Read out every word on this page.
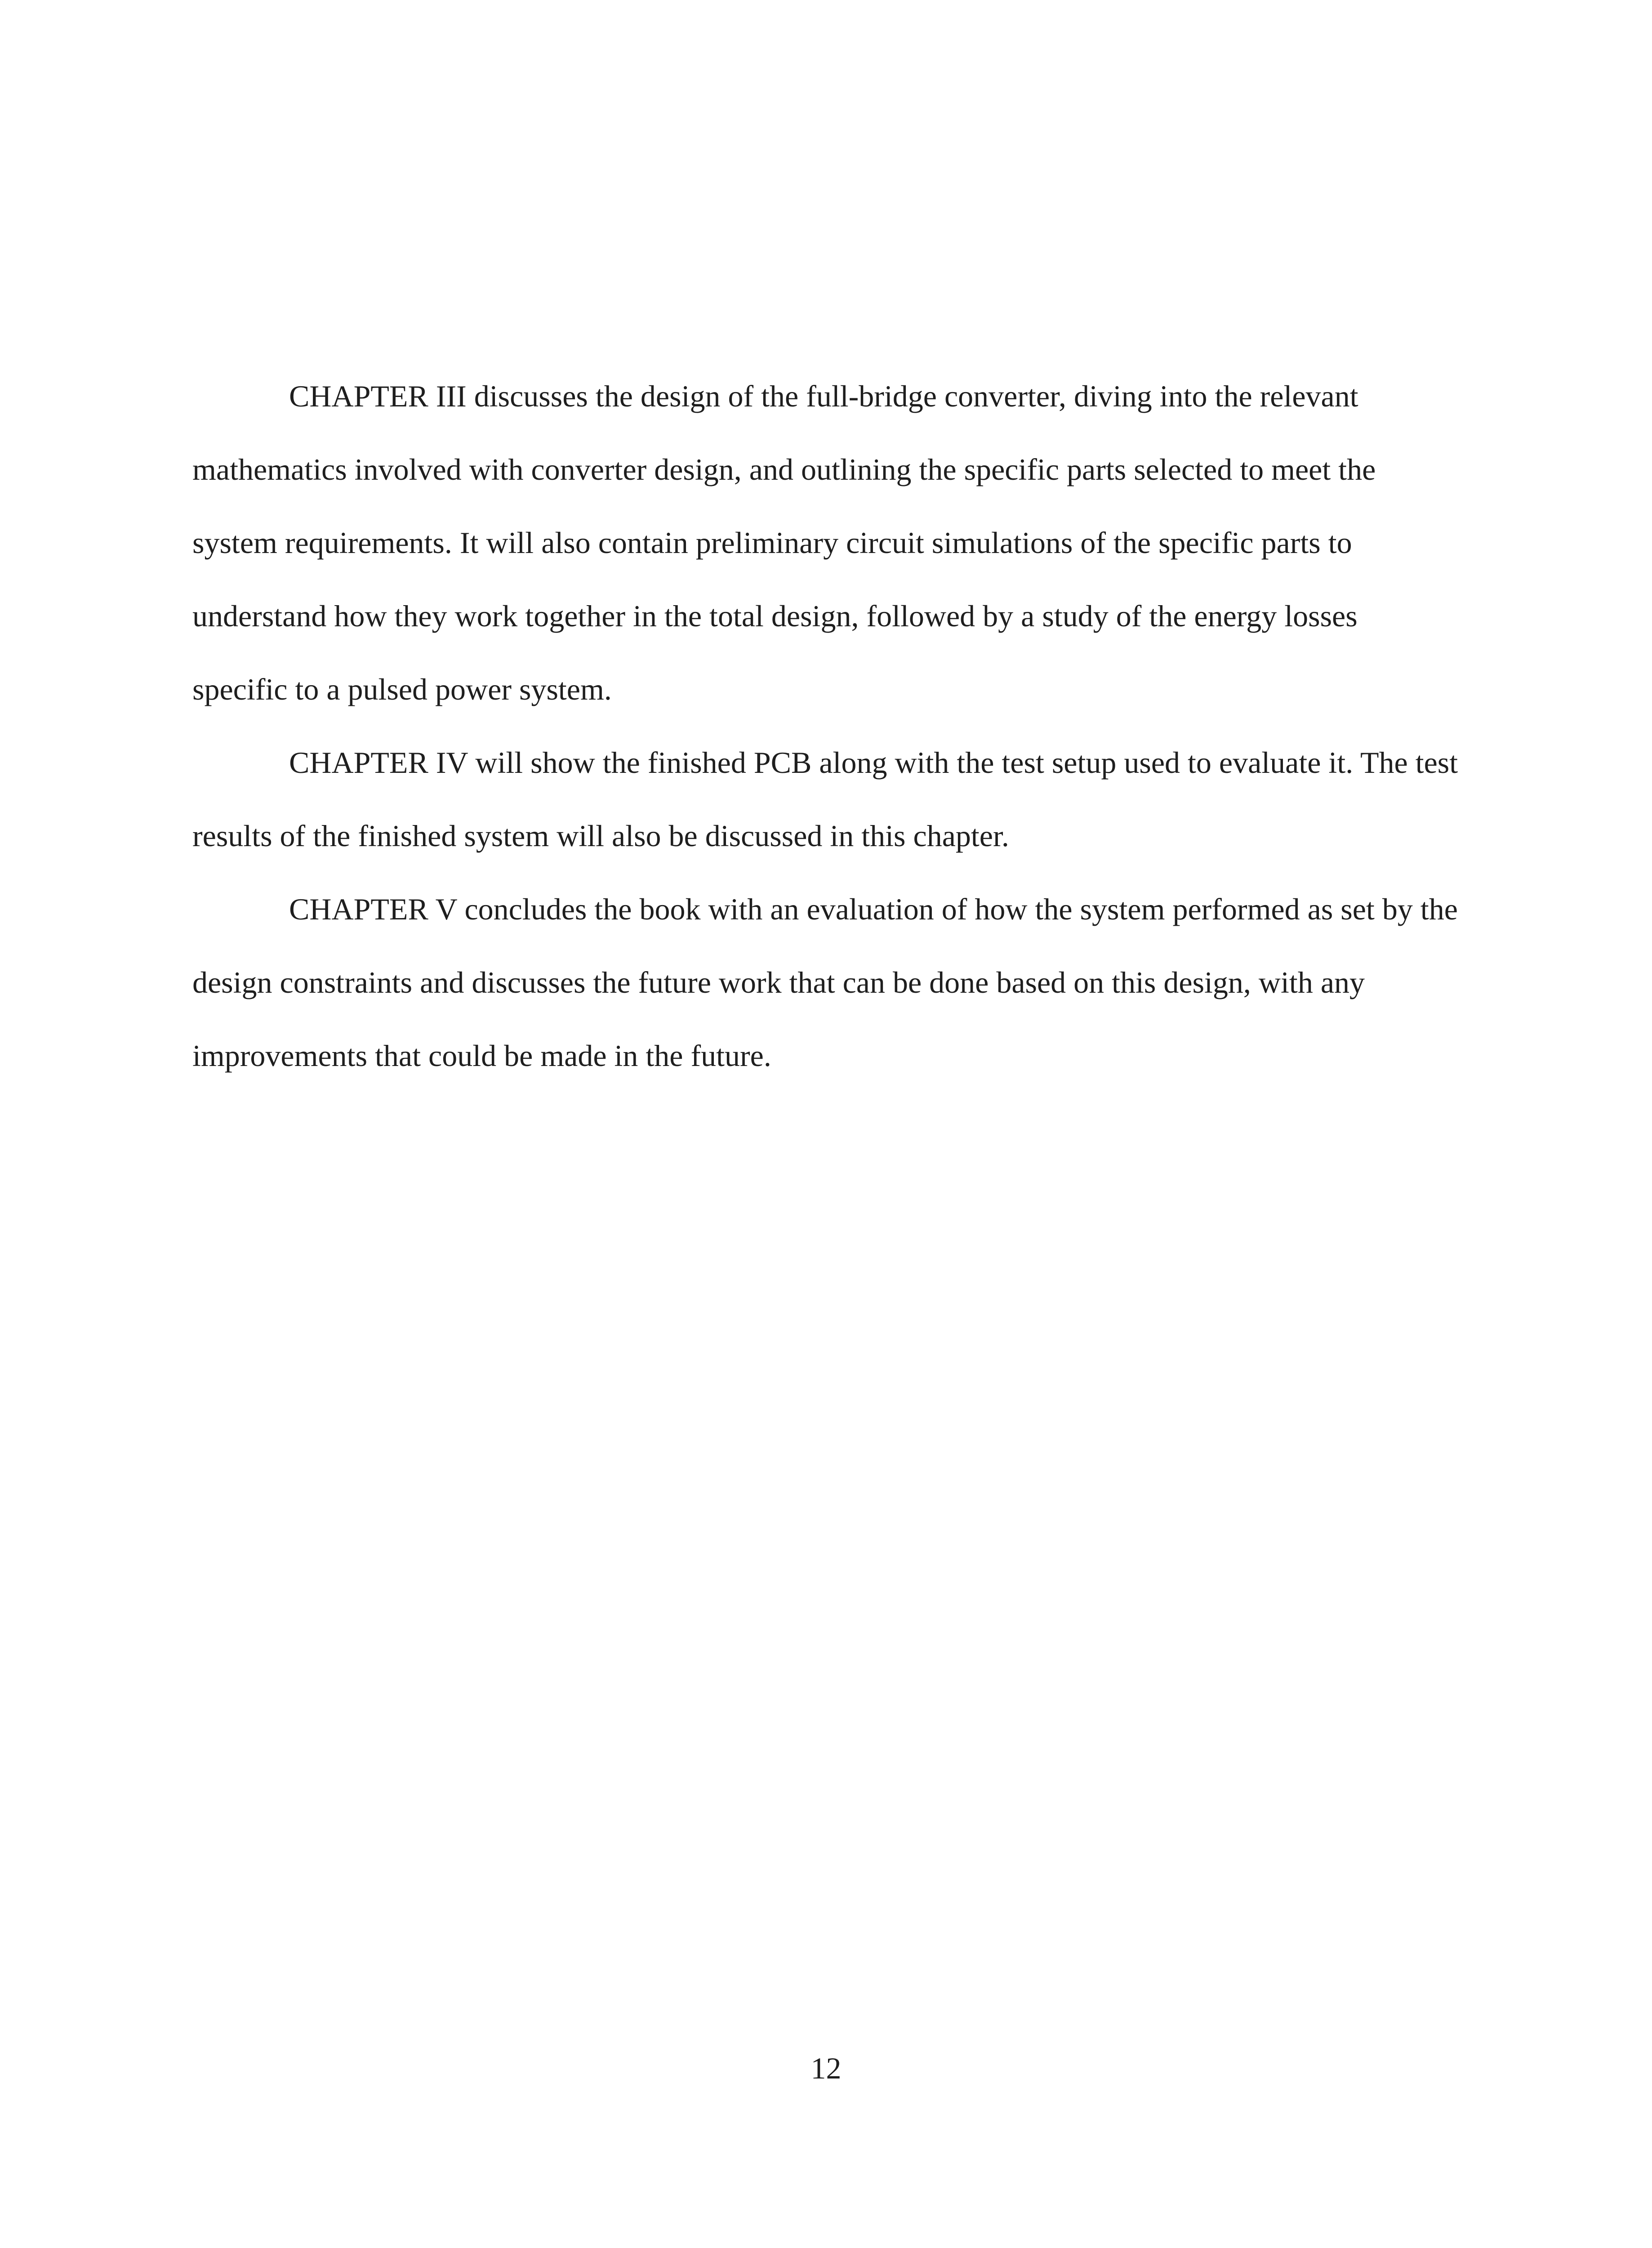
CHAPTER III discusses the design of the full-bridge converter, diving into the relevant mathematics involved with converter design, and outlining the specific parts selected to meet the system requirements. It will also contain preliminary circuit simulations of the specific parts to understand how they work together in the total design, followed by a study of the energy losses specific to a pulsed power system.

CHAPTER IV will show the finished PCB along with the test setup used to evaluate it. The test results of the finished system will also be discussed in this chapter.

CHAPTER V concludes the book with an evaluation of how the system performed as set by the design constraints and discusses the future work that can be done based on this design, with any improvements that could be made in the future.

12
